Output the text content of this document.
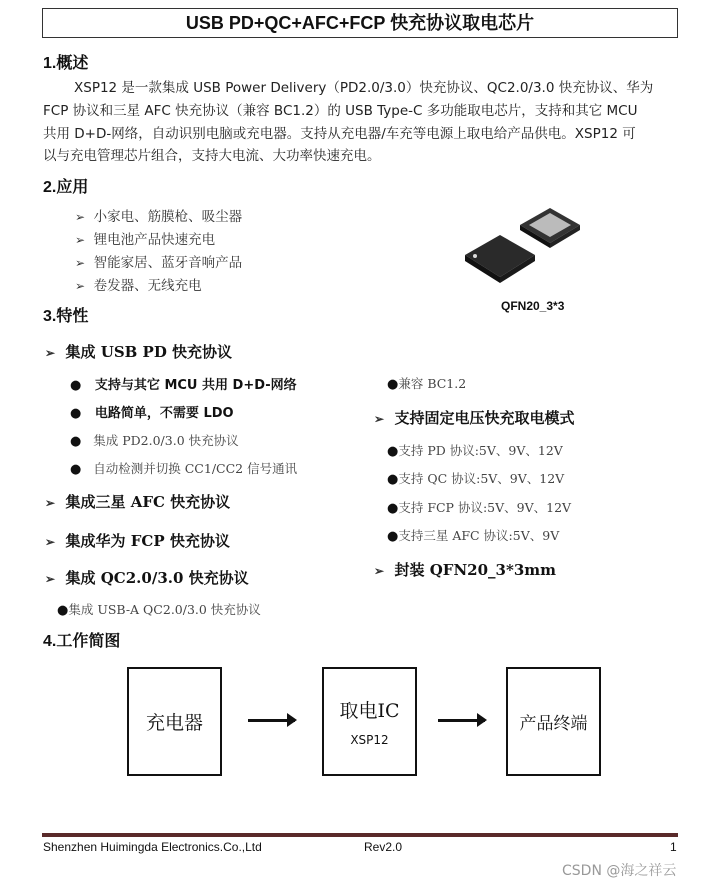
USB PD+QC+AFC+FCP 快充协议取电芯片
1.概述
XSP12 是一款集成 USB Power Delivery（PD2.0/3.0）快充协议、QC2.0/3.0 快充协议、华为
FCP 协议和三星 AFC 快充协议（兼容 BC1.2）的 USB Type-C 多功能取电芯片，支持和其它 MCU
共用 D+D-网络，自动识别电脑或充电器。支持从充电器/车充等电源上取电给产品供电。XSP12 可
以与充电管理芯片组合，支持大电流、大功率快速充电。
2.应用
➢ 小家电、筋膜枪、吸尘器
➢ 锂电池产品快速充电
➢ 智能家居、蓝牙音响产品
➢ 卷发器、无线充电
QFN20_3*3
3.特性
➢ 集成 USB PD 快充协议
● 支持与其它 MCU 共用 D+D-网络
● 电路简单，不需要 LDO
● 集成 PD2.0/3.0 快充协议
● 自动检测并切换 CC1/CC2 信号通讯
➢ 集成三星 AFC 快充协议
➢ 集成华为 FCP 快充协议
➢ 集成 QC2.0/3.0 快充协议
●集成 USB-A QC2.0/3.0 快充协议
●兼容 BC1.2
➢ 支持固定电压快充取电模式
●支持 PD 协议:5V、9V、12V
●支持 QC 协议:5V、9V、12V
●支持 FCP 协议:5V、9V、12V
●支持三星 AFC 协议:5V、9V
➢ 封装 QFN20_3*3mm
4.工作简图
充电器
取电IC
XSP12
产品终端
Shenzhen Huimingda Electronics.Co.,Ltd	Rev2.0	1
CSDN @海之祥云
